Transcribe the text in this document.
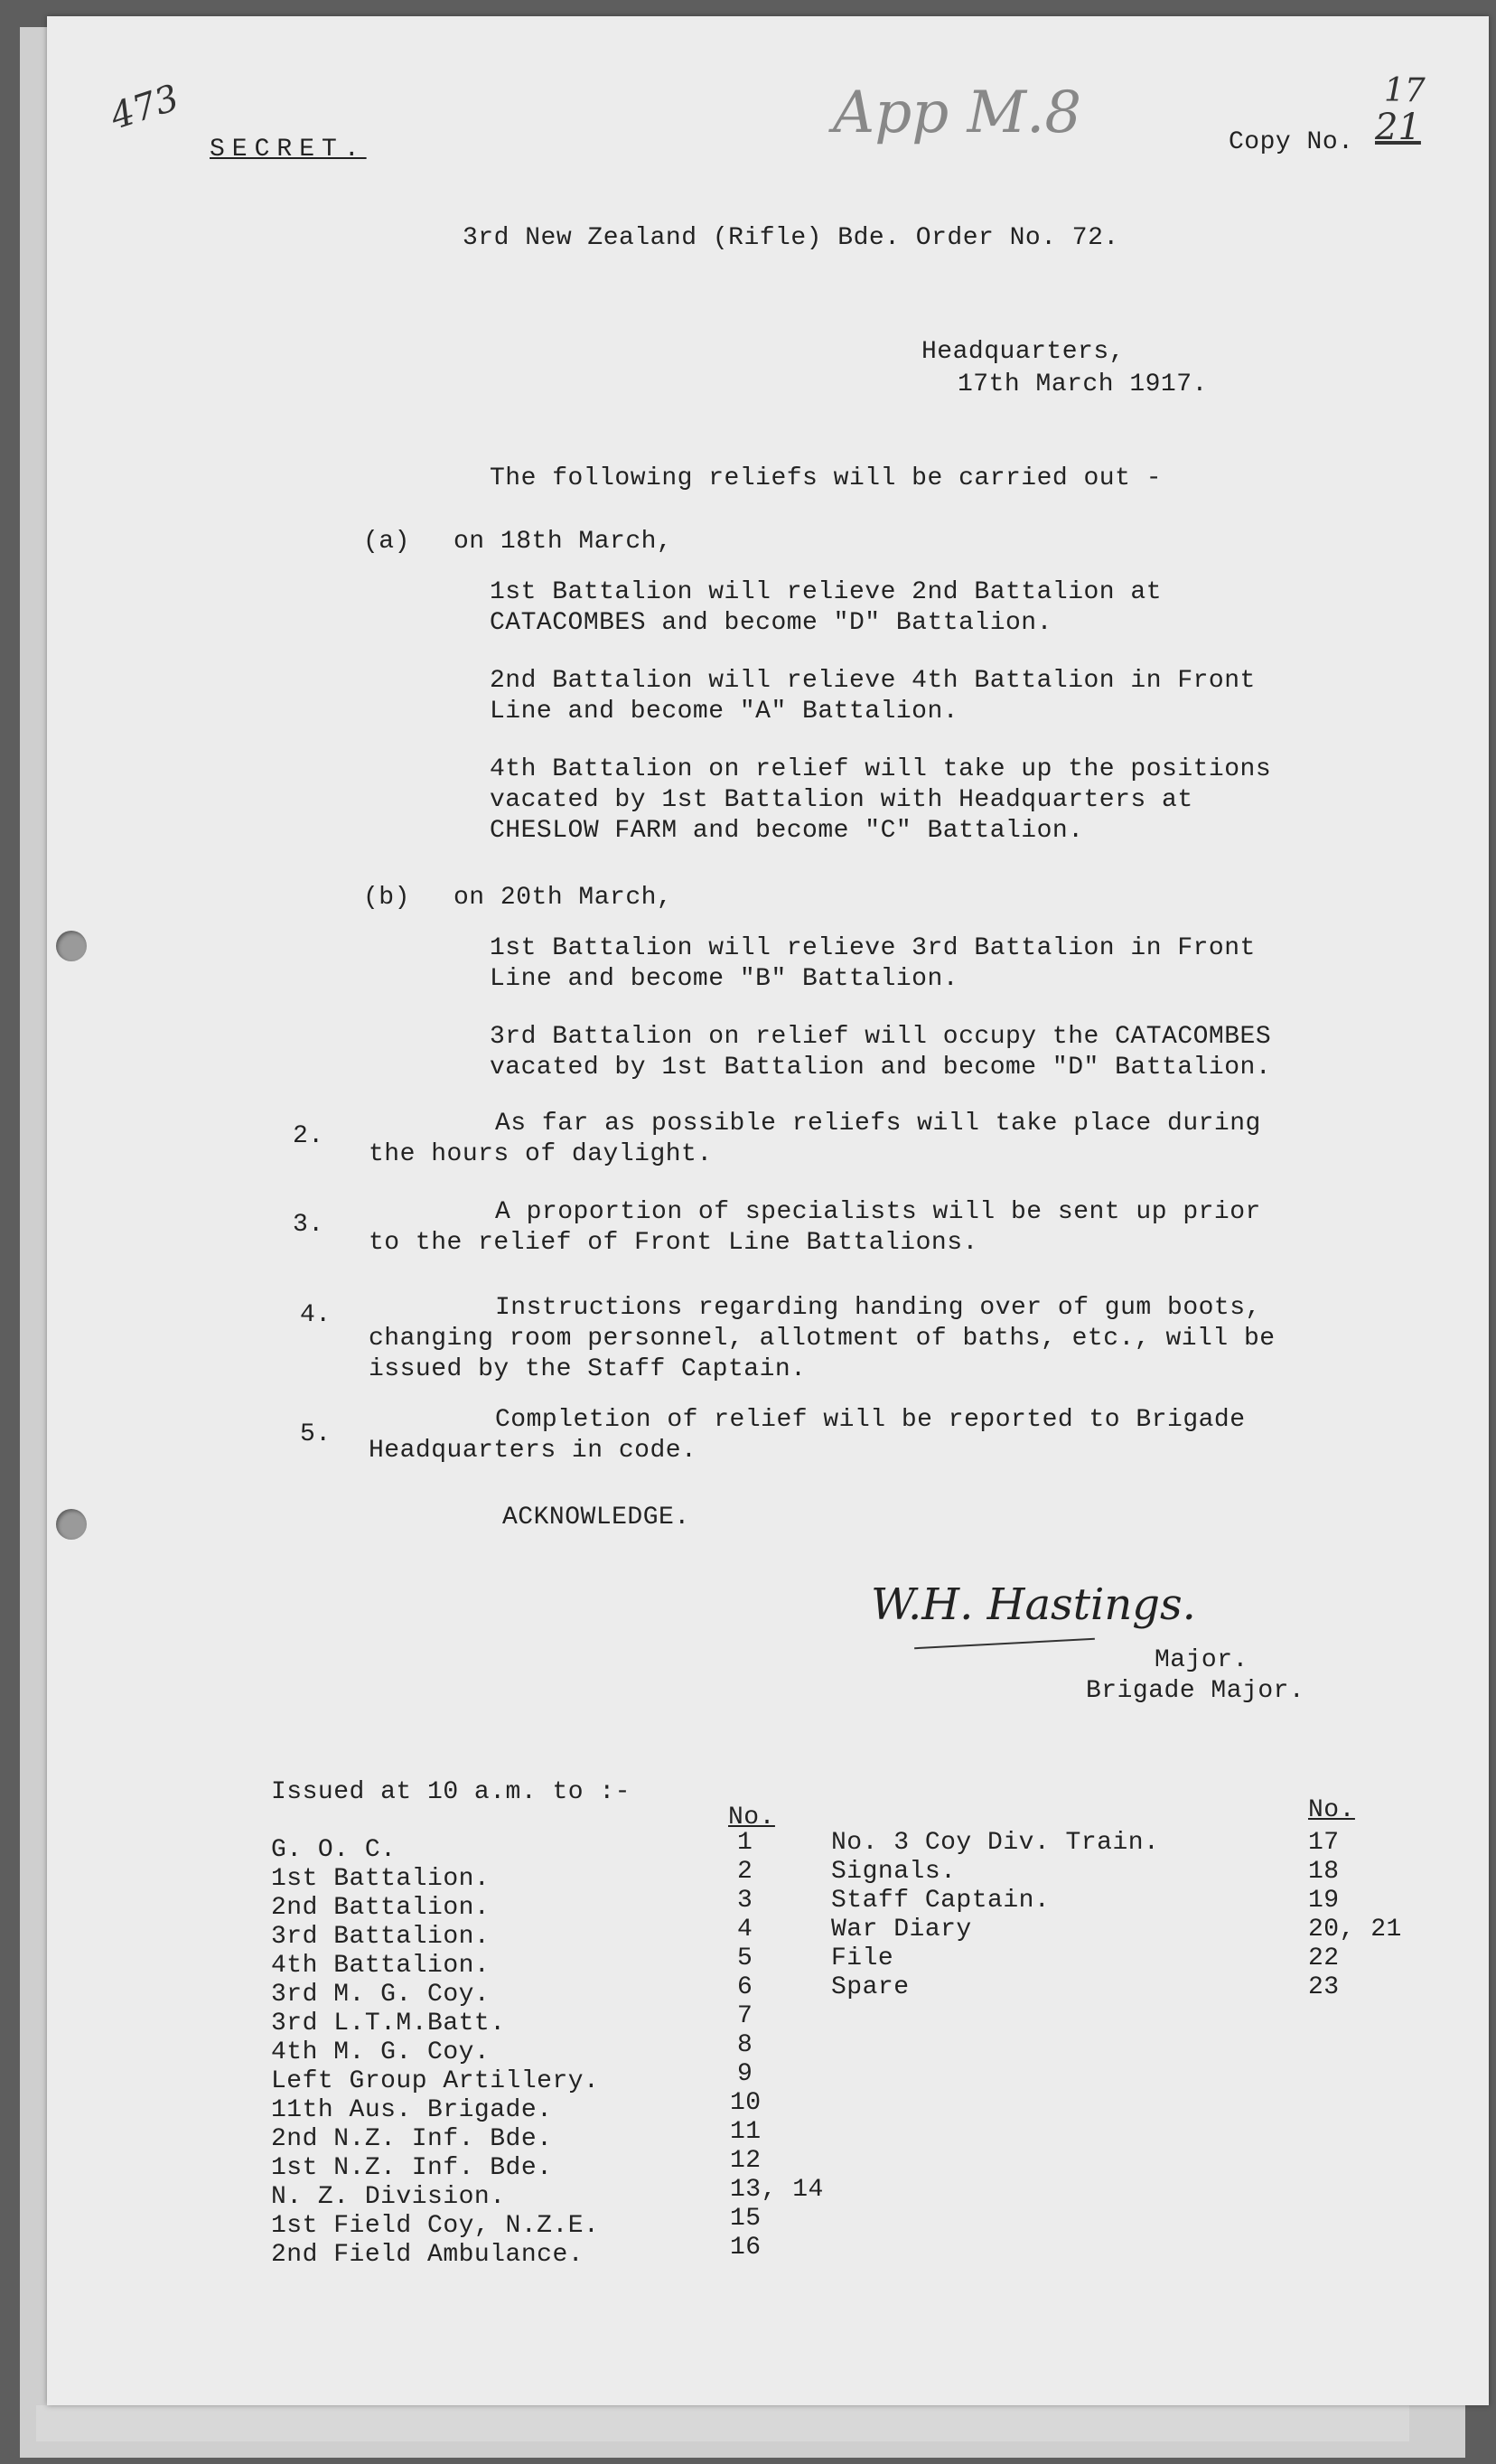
473
SECRET.
App M.8	Copy No.
17
21
3rd New Zealand (Rifle) Bde. Order No. 72.
Headquarters,
17th March 1917.
The following reliefs will be carried out -
(a) on 18th March,
1st Battalion will relieve 2nd Battalion at
CATACOMBES and become "D" Battalion.
2nd Battalion will relieve 4th Battalion in Front
Line and become "A" Battalion.
4th Battalion on relief will take up the positions
vacated by 1st Battalion with Headquarters at
CHESLOW FARM and become "C" Battalion.
(b) on 20th March,
1st Battalion will relieve 3rd Battalion in Front
Line and become "B" Battalion.
3rd Battalion on relief will occupy the CATACOMBES
vacated by 1st Battalion and become "D" Battalion.
2.	As far as possible reliefs will take place during
the hours of daylight.
3.	A proportion of specialists will be sent up prior
to the relief of Front Line Battalions.
4.	Instructions regarding handing over of gum boots,
changing room personnel, allotment of baths, etc., will be
issued by the Staff Captain.
5.
Completion of relief will be reported to Brigade
Headquarters in code.
ACKNOWLEDGE.
W.H. Hastings.
Major.
Brigade Major.
Issued at 10 a.m. to :-
No.	No.
G. O. C.	1
1st Battalion.	2
2nd Battalion.	3
3rd Battalion.	4
4th Battalion.	5
3rd M. G. Coy.	6
3rd L.T.M.Batt.	7
4th M. G. Coy.	8
Left Group Artillery.	9
11th Aus. Brigade.	10
2nd N.Z. Inf. Bde.	11
1st N.Z. Inf. Bde.	12
N. Z. Division.	13, 14
1st Field Coy, N.Z.E.	15
2nd Field Ambulance.	16
No. 3 Coy Div. Train.	17
Signals.	18
Staff Captain.	19
War Diary	20, 21
File	22
Spare	23
